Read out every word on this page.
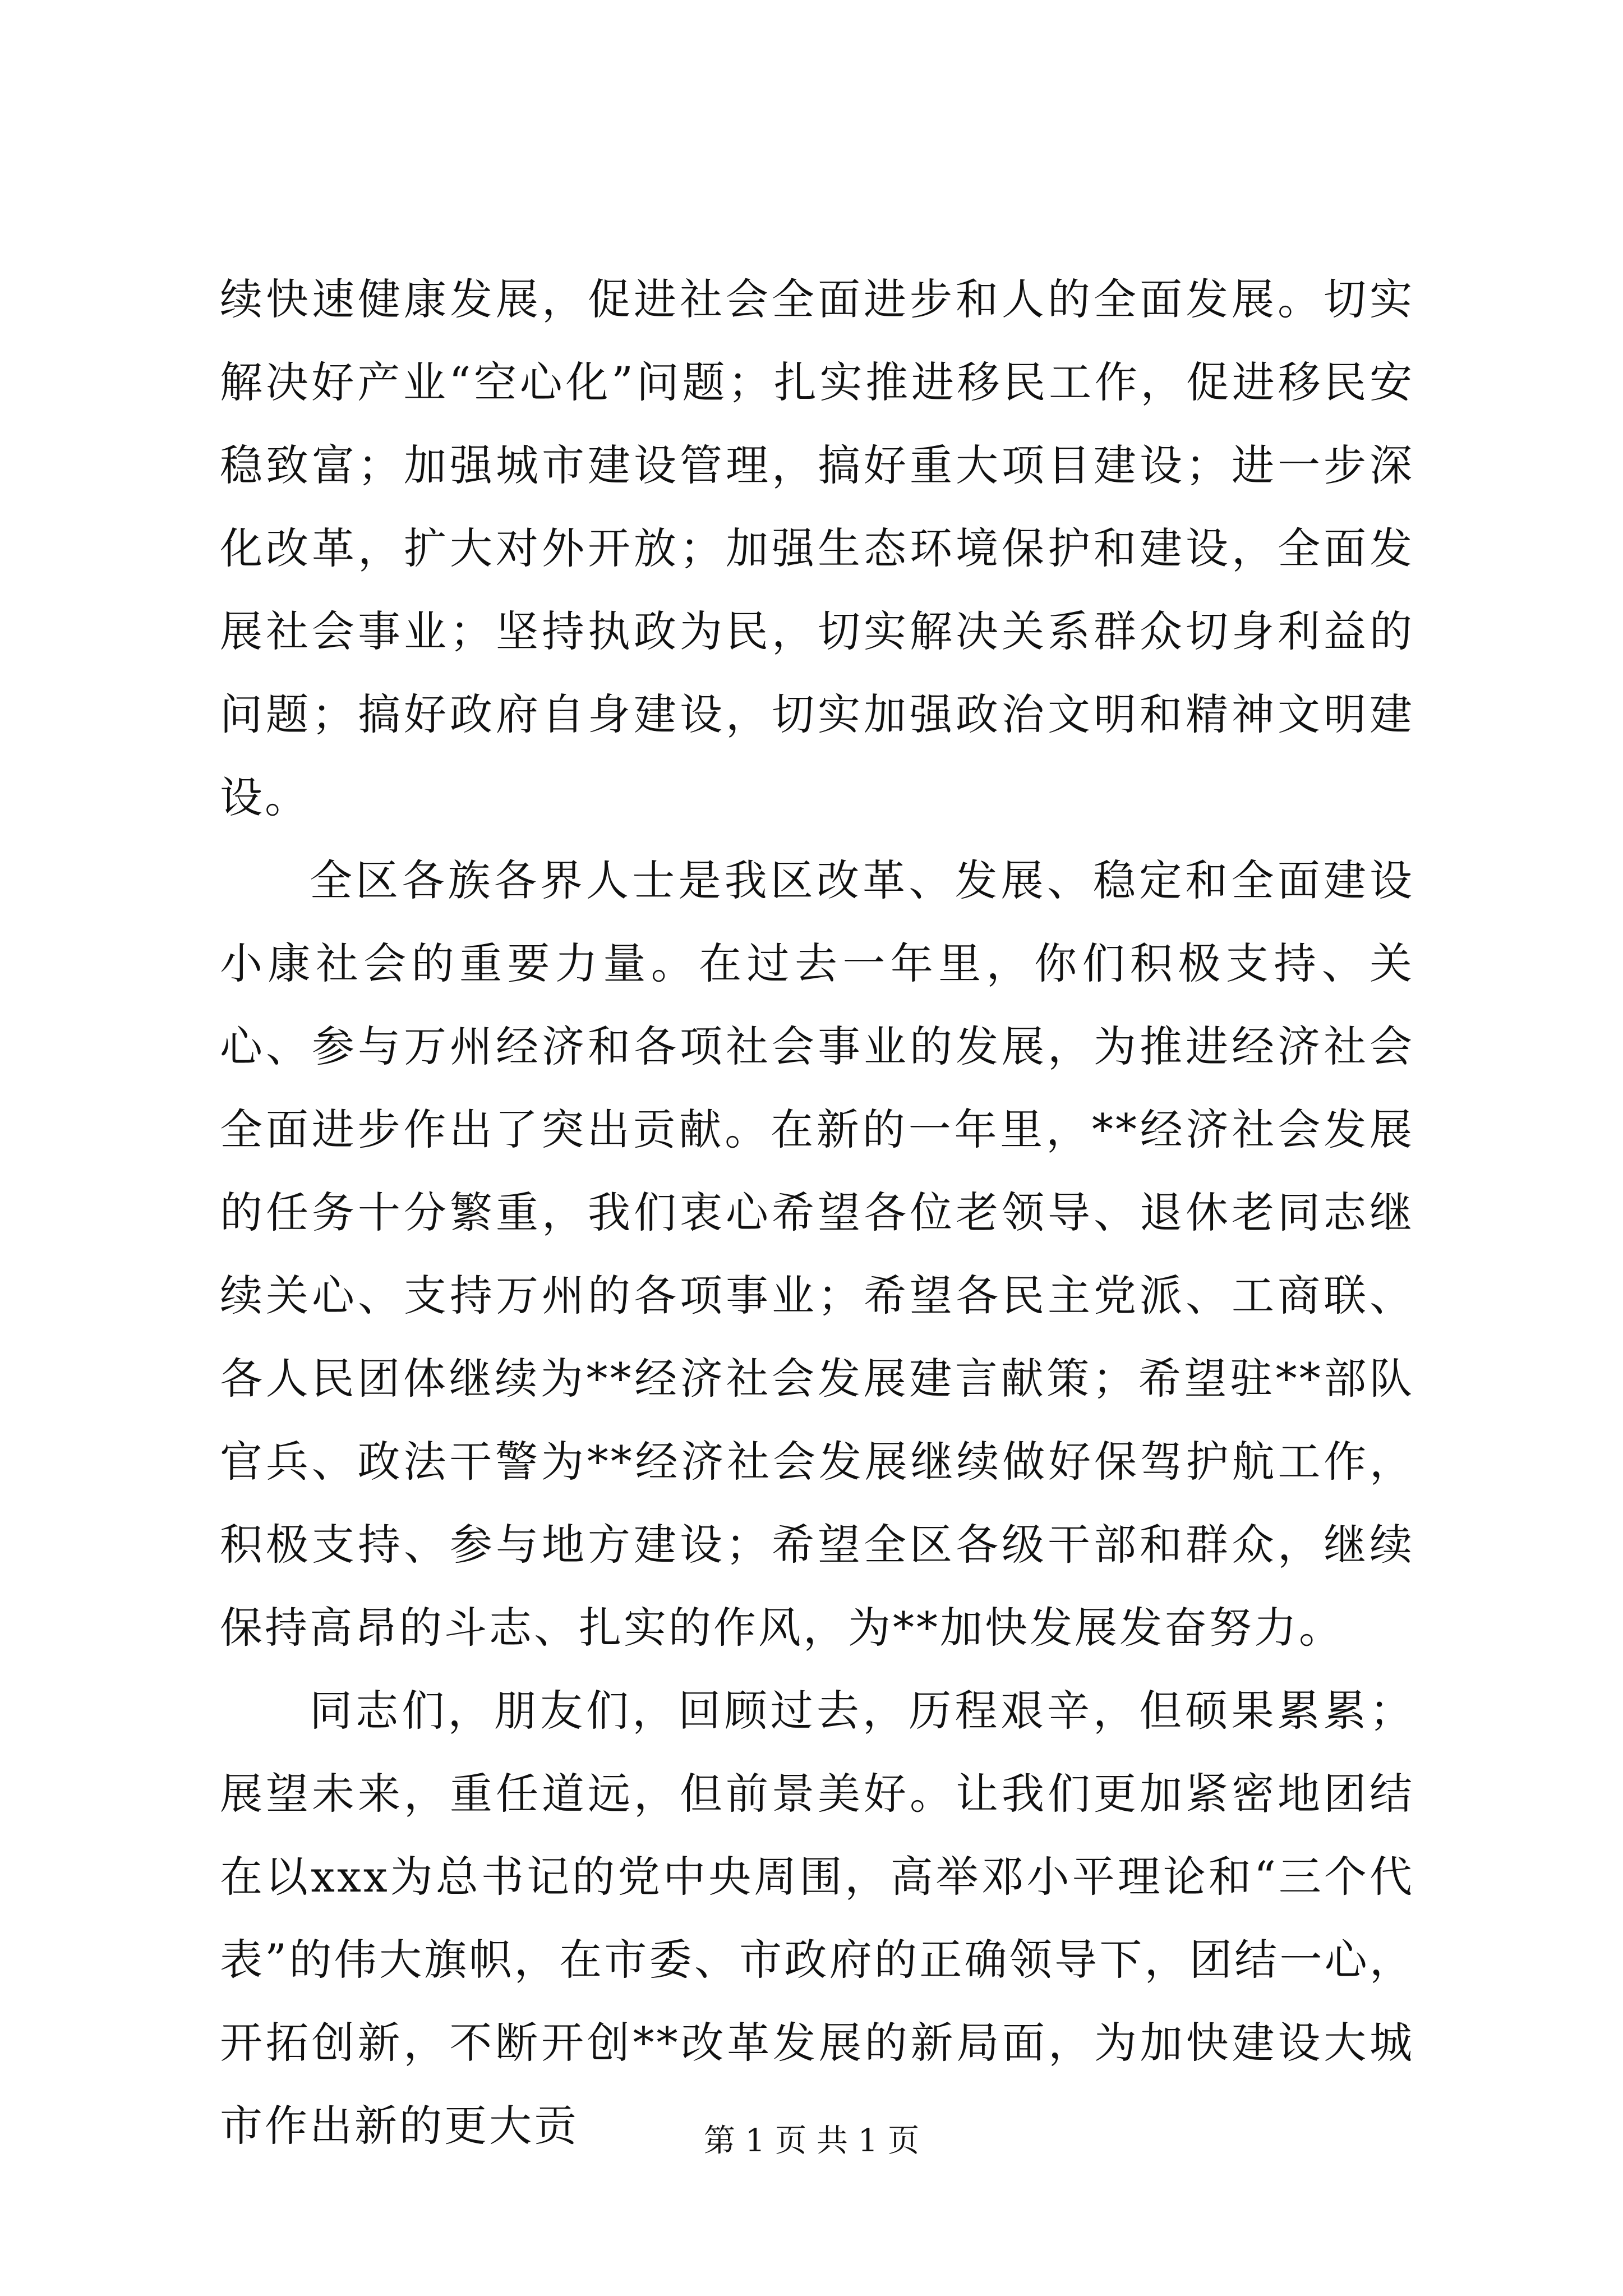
续快速健康发展，促进社会全面进步和人的全面发展。切实解决好产业“空心化”问题；扎实推进移民工作，促进移民安稳致富；加强城市建设管理，搞好重大项目建设；进一步深化改革，扩大对外开放；加强生态环境保护和建设，全面发展社会事业；坚持执政为民，切实解决关系群众切身利益的问题；搞好政府自身建设，切实加强政治文明和精神文明建设。

全区各族各界人士是我区改革、发展、稳定和全面建设小康社会的重要力量。在过去一年里，你们积极支持、关心、参与万州经济和各项社会事业的发展，为推进经济社会全面进步作出了突出贡献。在新的一年里，**经济社会发展的任务十分繁重，我们衷心希望各位老领导、退休老同志继续关心、支持万州的各项事业；希望各民主党派、工商联、各人民团体继续为**经济社会发展建言献策；希望驻**部队官兵、政法干警为**经济社会发展继续做好保驾护航工作，积极支持、参与地方建设；希望全区各级干部和群众，继续保持高昂的斗志、扎实的作风，为**加快发展发奋努力。

同志们，朋友们，回顾过去，历程艰辛，但硕果累累；展望未来，重任道远，但前景美好。让我们更加紧密地团结在以xxx为总书记的党中央周围，高举邓小平理论和“三个代表”的伟大旗帜，在市委、市政府的正确领导下，团结一心，开拓创新，不断开创**改革发展的新局面，为加快建设大城市作出新的更大贡	第 1 页 共 1 页
